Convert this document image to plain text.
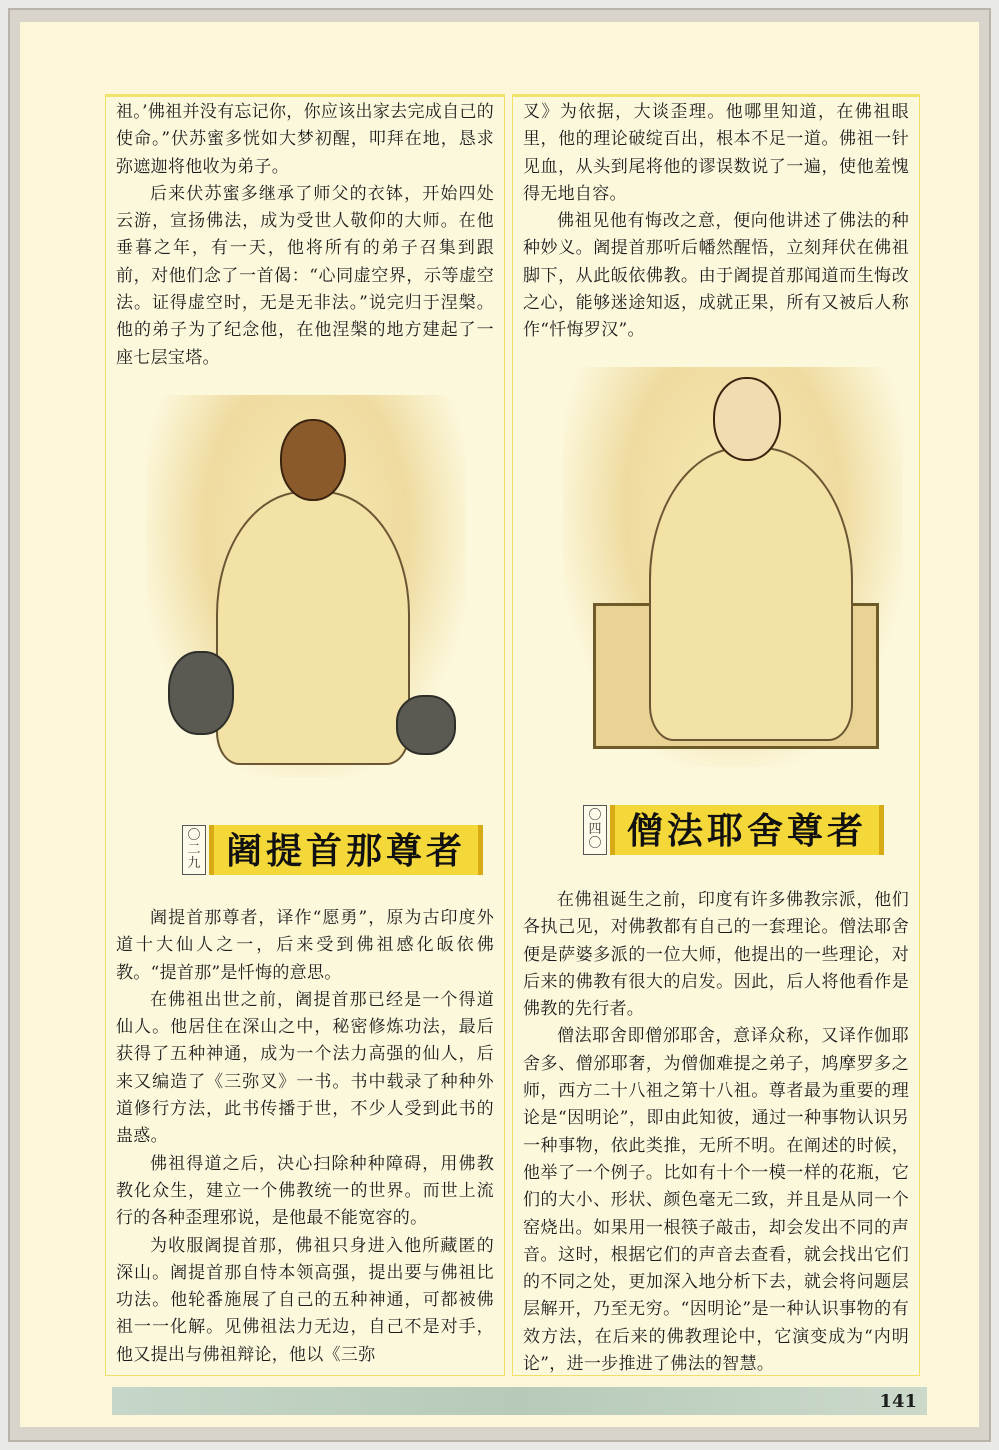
祖。’佛祖并没有忘记你，你应该出家去完成自己的使命。”伏苏蜜多恍如大梦初醒，叩拜在地，恳求弥遮迦将他收为弟子。

后来伏苏蜜多继承了师父的衣钵，开始四处云游，宣扬佛法，成为受世人敬仰的大师。在他垂暮之年，有一天，他将所有的弟子召集到跟前，对他们念了一首偈：“心同虚空界，示等虚空法。证得虚空时，无是无非法。”说完归于涅槃。他的弟子为了纪念他，在他涅槃的地方建起了一座七层宝塔。

〇二九 阇提首那尊者

阇提首那尊者，译作“愿勇”，原为古印度外道十大仙人之一，后来受到佛祖感化皈依佛教。“提首那”是忏悔的意思。

在佛祖出世之前，阇提首那已经是一个得道仙人。他居住在深山之中，秘密修炼功法，最后获得了五种神通，成为一个法力高强的仙人，后来又编造了《三弥叉》一书。书中载录了种种外道修行方法，此书传播于世，不少人受到此书的蛊惑。

佛祖得道之后，决心扫除种种障碍，用佛教教化众生，建立一个佛教统一的世界。而世上流行的各种歪理邪说，是他最不能宽容的。

为收服阇提首那，佛祖只身进入他所藏匿的深山。阇提首那自恃本领高强，提出要与佛祖比功法。他轮番施展了自己的五种神通，可都被佛祖一一化解。见佛祖法力无边，自己不是对手，他又提出与佛祖辩论，他以《三弥

叉》为依据，大谈歪理。他哪里知道，在佛祖眼里，他的理论破绽百出，根本不足一道。佛祖一针见血，从头到尾将他的谬误数说了一遍，使他羞愧得无地自容。

佛祖见他有悔改之意，便向他讲述了佛法的种种妙义。阇提首那听后幡然醒悟，立刻拜伏在佛祖脚下，从此皈依佛教。由于阇提首那闻道而生悔改之心，能够迷途知返，成就正果，所有又被后人称作“忏悔罗汉”。

〇四〇 僧法耶舍尊者

在佛祖诞生之前，印度有许多佛教宗派，他们各执己见，对佛教都有自己的一套理论。僧法耶舍便是萨婆多派的一位大师，他提出的一些理论，对后来的佛教有很大的启发。因此，后人将他看作是佛教的先行者。

僧法耶舍即僧邠耶舍，意译众称，又译作伽耶舍多、僧邠耶奢，为僧伽难提之弟子，鸠摩罗多之师，西方二十八祖之第十八祖。尊者最为重要的理论是“因明论”，即由此知彼，通过一种事物认识另一种事物，依此类推，无所不明。在阐述的时候，他举了一个例子。比如有十个一模一样的花瓶，它们的大小、形状、颜色毫无二致，并且是从同一个窑烧出。如果用一根筷子敲击，却会发出不同的声音。这时，根据它们的声音去查看，就会找出它们的不同之处，更加深入地分析下去，就会将问题层层解开，乃至无穷。“因明论”是一种认识事物的有效方法，在后来的佛教理论中，它演变成为“内明论”，进一步推进了佛法的智慧。

141
